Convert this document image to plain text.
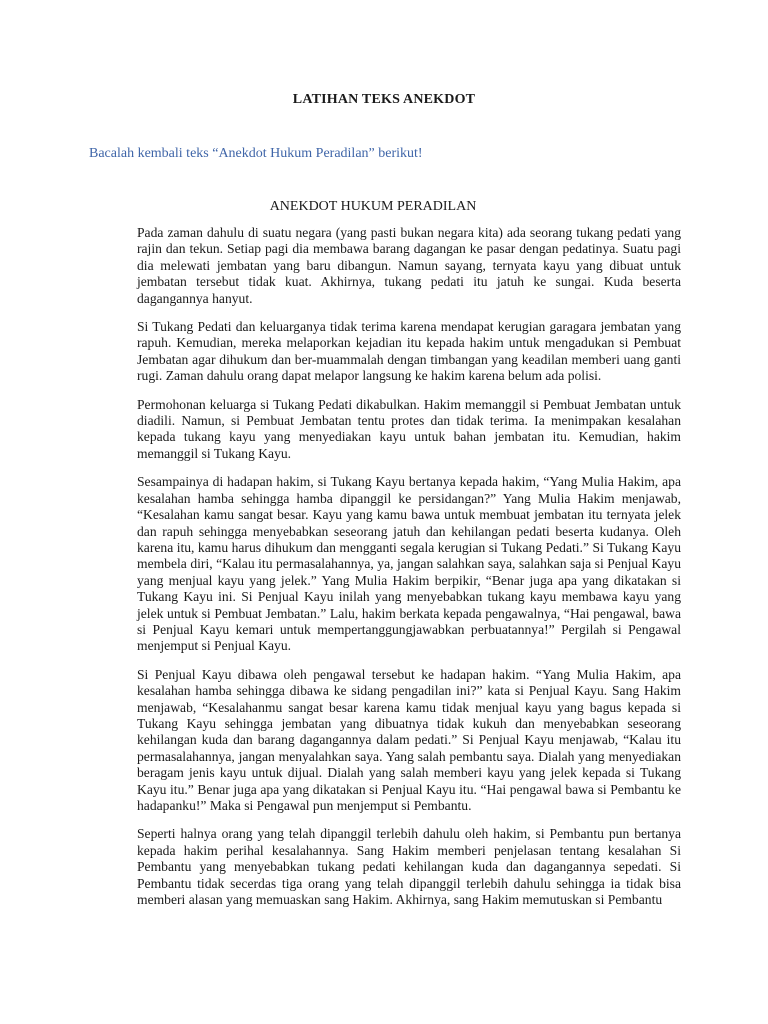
LATIHAN TEKS ANEKDOT
Bacalah kembali teks “Anekdot Hukum Peradilan” berikut!
ANEKDOT HUKUM PERADILAN

Pada zaman dahulu di suatu negara (yang pasti bukan negara kita) ada seorang tukang pedati yang rajin dan tekun. Setiap pagi dia membawa barang dagangan ke pasar dengan pedatinya. Suatu pagi dia melewati jembatan yang baru dibangun. Namun sayang, ternyata kayu yang dibuat untuk jembatan tersebut tidak kuat. Akhirnya, tukang pedati itu jatuh ke sungai. Kuda beserta dagangannya hanyut.

Si Tukang Pedati dan keluarganya tidak terima karena mendapat kerugian garagara jembatan yang rapuh. Kemudian, mereka melaporkan kejadian itu kepada hakim untuk mengadukan si Pembuat Jembatan agar dihukum dan ber-muammalah dengan timbangan yang keadilan memberi uang ganti rugi. Zaman dahulu orang dapat melapor langsung ke hakim karena belum ada polisi.

Permohonan keluarga si Tukang Pedati dikabulkan. Hakim memanggil si Pembuat Jembatan untuk diadili. Namun, si Pembuat Jembatan tentu protes dan tidak terima. Ia menimpakan kesalahan kepada tukang kayu yang menyediakan kayu untuk bahan jembatan itu. Kemudian, hakim memanggil si Tukang Kayu.

Sesampainya di hadapan hakim, si Tukang Kayu bertanya kepada hakim, “Yang Mulia Hakim, apa kesalahan hamba sehingga hamba dipanggil ke persidangan?” Yang Mulia Hakim menjawab, “Kesalahan kamu sangat besar. Kayu yang kamu bawa untuk membuat jembatan itu ternyata jelek dan rapuh sehingga menyebabkan seseorang jatuh dan kehilangan pedati beserta kudanya. Oleh karena itu, kamu harus dihukum dan mengganti segala kerugian si Tukang Pedati.” Si Tukang Kayu membela diri, “Kalau itu permasalahannya, ya, jangan salahkan saya, salahkan saja si Penjual Kayu yang menjual kayu yang jelek.” Yang Mulia Hakim berpikir, “Benar juga apa yang dikatakan si Tukang Kayu ini. Si Penjual Kayu inilah yang menyebabkan tukang kayu membawa kayu yang jelek untuk si Pembuat Jembatan.” Lalu, hakim berkata kepada pengawalnya, “Hai pengawal, bawa si Penjual Kayu kemari untuk mempertanggungjawabkan perbuatannya!” Pergilah si Pengawal menjemput si Penjual Kayu.

Si Penjual Kayu dibawa oleh pengawal tersebut ke hadapan hakim. “Yang Mulia Hakim, apa kesalahan hamba sehingga dibawa ke sidang pengadilan ini?” kata si Penjual Kayu. Sang Hakim menjawab, “Kesalahanmu sangat besar karena kamu tidak menjual kayu yang bagus kepada si Tukang Kayu sehingga jembatan yang dibuatnya tidak kukuh dan menyebabkan seseorang kehilangan kuda dan barang dagangannya dalam pedati.” Si Penjual Kayu menjawab, “Kalau itu permasalahannya, jangan menyalahkan saya. Yang salah pembantu saya. Dialah yang menyediakan beragam jenis kayu untuk dijual. Dialah yang salah memberi kayu yang jelek kepada si Tukang Kayu itu.” Benar juga apa yang dikatakan si Penjual Kayu itu. “Hai pengawal bawa si Pembantu ke hadapanku!” Maka si Pengawal pun menjemput si Pembantu.

Seperti halnya orang yang telah dipanggil terlebih dahulu oleh hakim, si Pembantu pun bertanya kepada hakim perihal kesalahannya. Sang Hakim memberi penjelasan tentang kesalahan Si Pembantu yang menyebabkan tukang pedati kehilangan kuda dan dagangannya sepedati. Si Pembantu tidak secerdas tiga orang yang telah dipanggil terlebih dahulu sehingga ia tidak bisa memberi alasan yang memuaskan sang Hakim. Akhirnya, sang Hakim memutuskan si Pembantu
